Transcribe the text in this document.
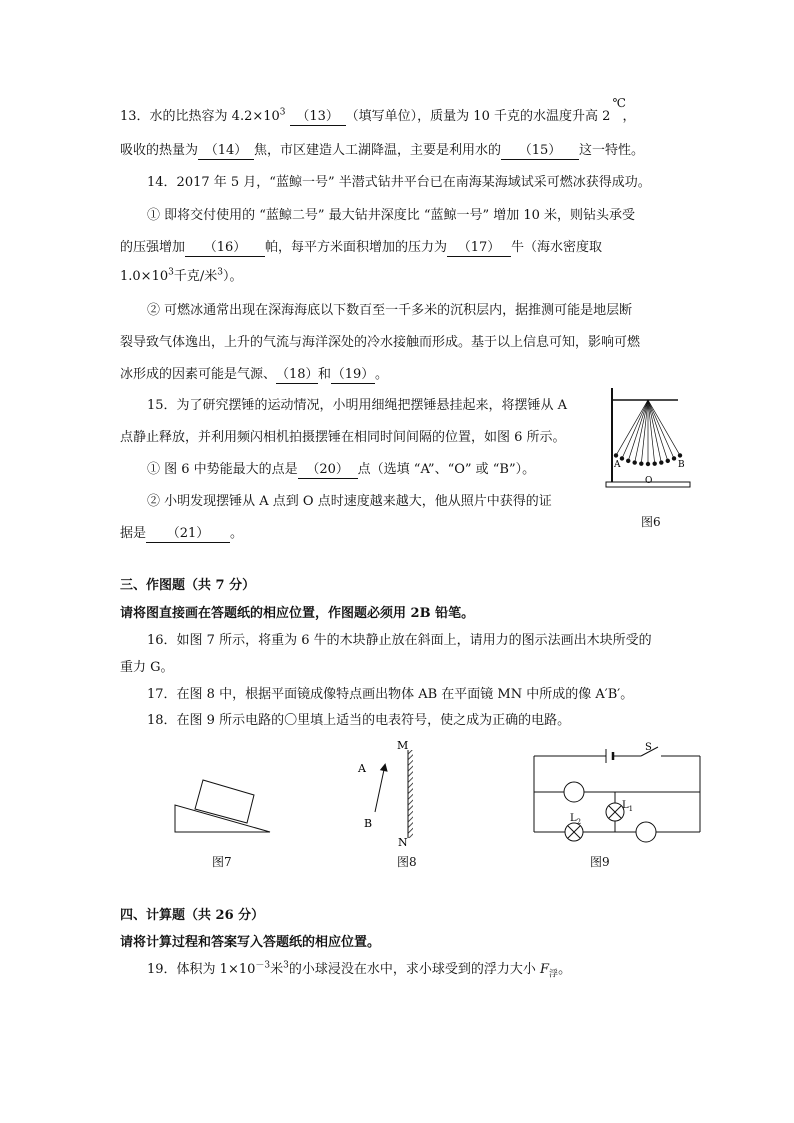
13．水的比热容为 $4.2\times 10^3$ （13） （填写单位），质量为 10 千克的水温度升高 2
℃
，
吸收的热量为 （14） 焦，市区建造人工湖降温，主要是利用水的 （15） 这一特性。
14．2017 年 5 月，“蓝鲸一号” 半潜式钻井平台已在南海某海域试采可燃冰获得成功。
① 即将交付使用的 “蓝鲸二号” 最大钻井深度比 “蓝鲸一号” 增加 10 米，则钻头承受
的压强增加 （16） 帕，每平方米面积增加的压力为 （17） 牛（海水密度取
$1.0\times 10^3$千克/米$^3$）。
② 可燃冰通常出现在深海海底以下数百至一千多米的沉积层内，据推测可能是地层断
裂导致气体逸出，上升的气流与海洋深处的冷水接触而形成。基于以上信息可知，影响可燃
冰形成的因素可能是气源、（18）和（19）。
15．为了研究摆锤的运动情况，小明用细绳把摆锤悬挂起来，将摆锤从 A
点静止释放，并利用频闪相机拍摄摆锤在相同时间间隔的位置，如图 6 所示。
① 图 6 中势能最大的点是 （20） 点（选填 “A”、“O” 或 “B”）。
② 小明发现摆锤从 A 点到 O 点时速度越来越大，他从照片中获得的证
据是 （21） 。
A
O
B
图6
三、作图题（共 7 分）
请将图直接画在答题纸的相应位置，作图题必须用 2B 铅笔。
16．如图 7 所示，将重为 6 牛的木块静止放在斜面上，请用力的图示法画出木块所受的
重力 G。
17．在图 8 中，根据平面镜成像特点画出物体 AB 在平面镜 MN 中所成的像 A′B′。
18．在图 9 所示电路的〇里填上适当的电表符号，使之成为正确的电路。
图7
M
N
A
B
图8
S
$L_1$
$L_2$
图9
四、计算题（共 26 分）
请将计算过程和答案写入答题纸的相应位置。
19．体积为 $1\times 10^{-3}$米$^3$的小球浸没在水中，求小球受到的浮力大小 $F_浮$。
